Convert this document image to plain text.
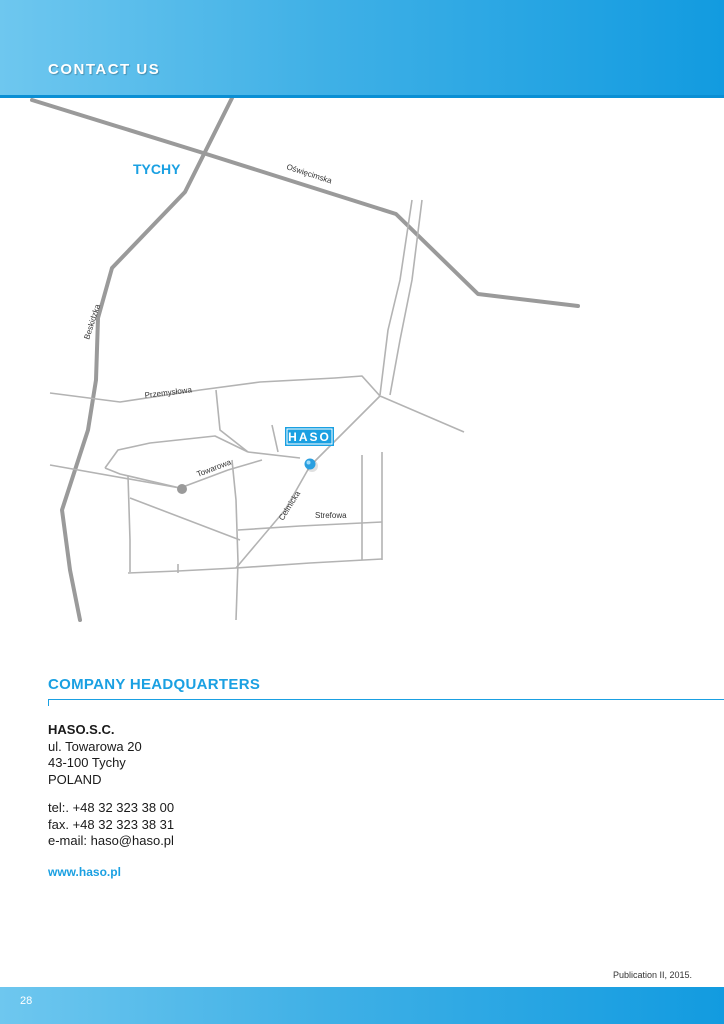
CONTACT US
Oświęcimska
Beskidzka
Przemysłowa
Towarowa
Celmicka Strefowa
TYCHY
HASO
COMPANY HEADQUARTERS
HASO.S.C.
ul. Towarowa 20
43-100 Tychy
POLAND
tel:. +48 32 323 38 00
fax. +48 32 323 38 31
e-mail: haso@haso.pl
www.haso.pl
Publication II, 2015.
28
